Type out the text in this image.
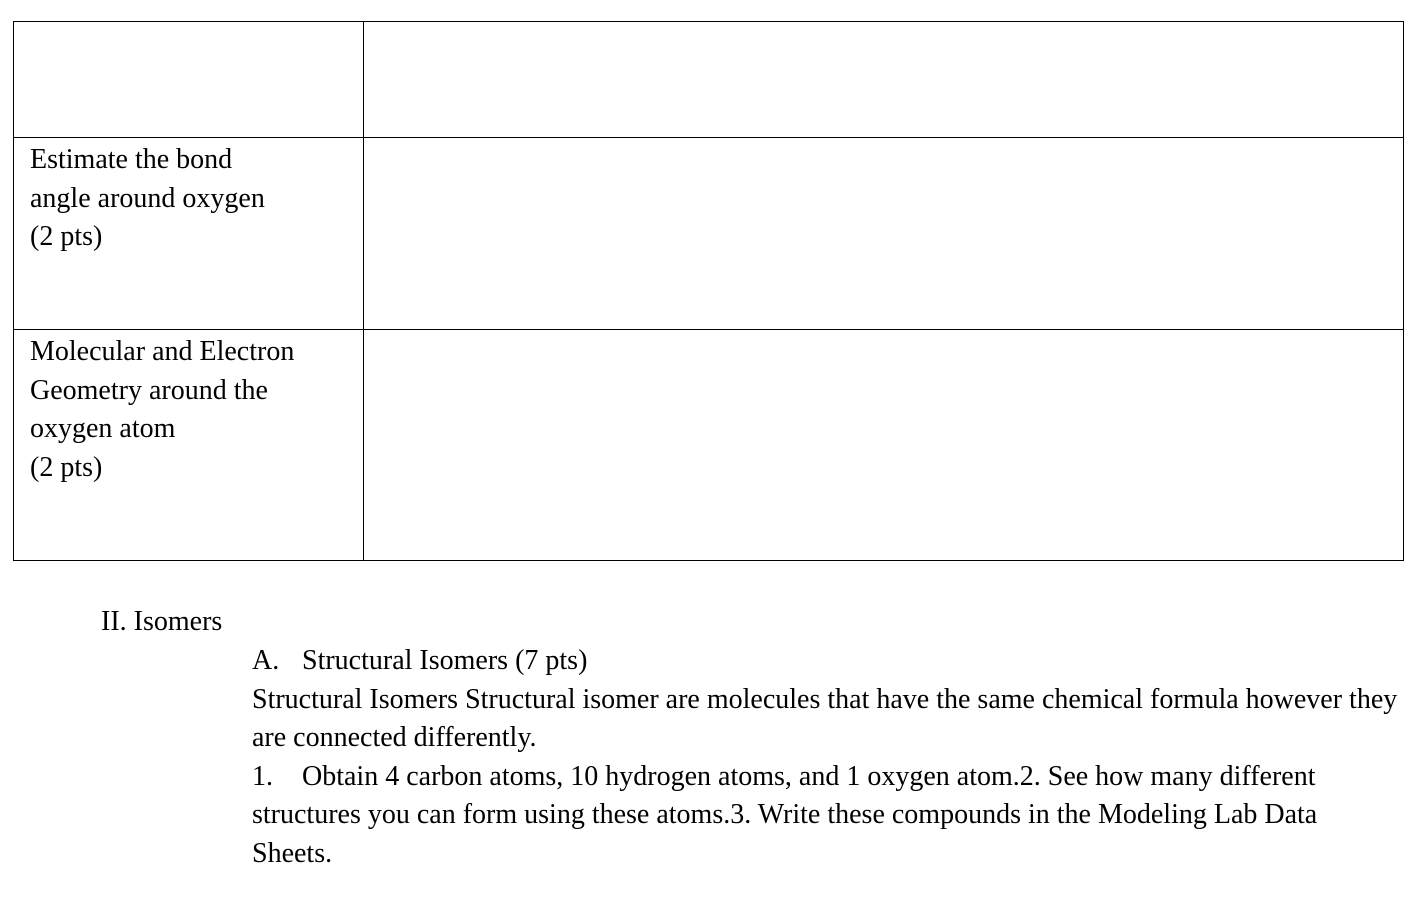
Estimate the bond
angle around oxygen
(2 pts)	

Molecular and Electron
Geometry around the
oxygen atom
(2 pts)	

II. Isomers
A. Structural Isomers (7 pts)

Structural Isomers Structural isomer are molecules that have the same chemical formula however they are connected differently.

1. Obtain 4 carbon atoms, 10 hydrogen atoms, and 1 oxygen atom.2. See how many different structures you can form using these atoms.3. Write these compounds in the Modeling Lab Data Sheets.
